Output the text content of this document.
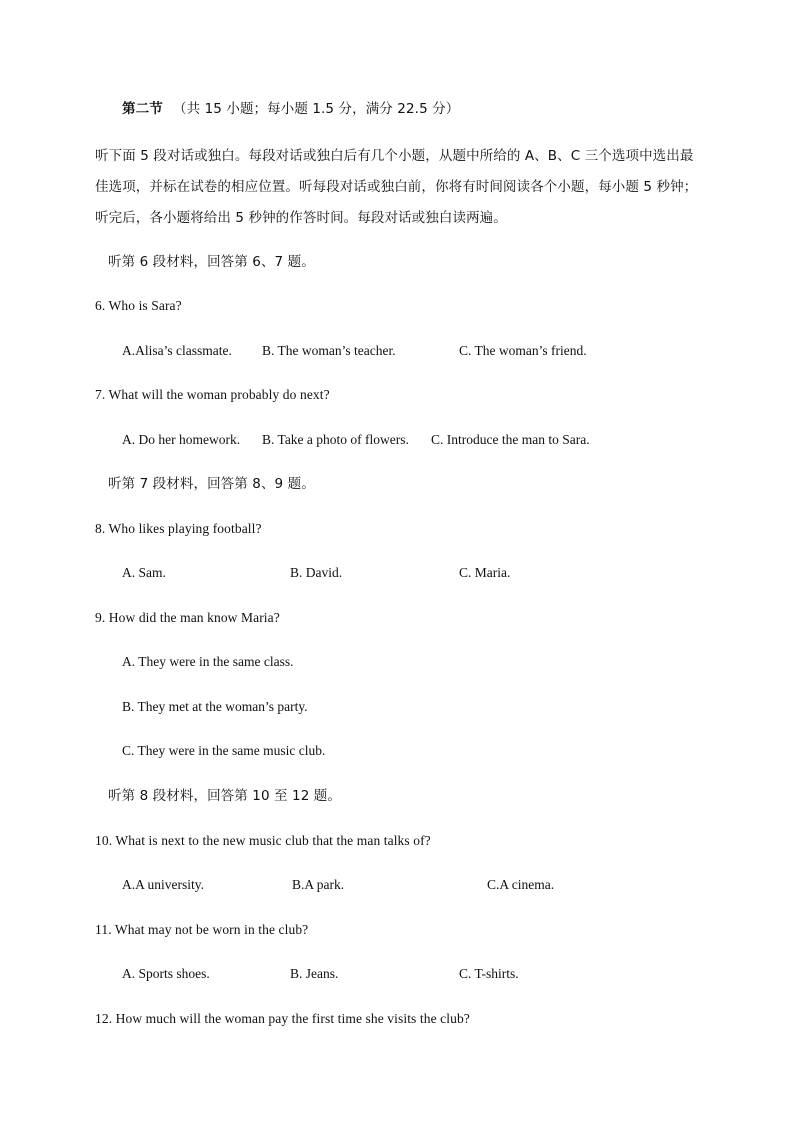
第二节 （共 15 小题；每小题 1.5 分，满分 22.5 分）
听下面 5 段对话或独白。每段对话或独白后有几个小题，从题中所给的 A、B、C 三个选项中选出最
佳选项，并标在试卷的相应位置。听每段对话或独白前，你将有时间阅读各个小题，每小题 5 秒钟；
听完后，各小题将给出 5 秒钟的作答时间。每段对话或独白读两遍。
听第 6 段材料，回答第 6、7 题。
6. Who is Sara?
A.Alisa’s classmate. B. The woman’s teacher.	C. The woman’s friend.
7. What will the woman probably do next?
A. Do her homework. B. Take a photo of flowers. C. Introduce the man to Sara.
听第 7 段材料，回答第 8、9 题。
8. Who likes playing football?
A. Sam.	B. David.	C. Maria.
9. How did the man know Maria?
A. They were in the same class.
B. They met at the woman’s party.
C. They were in the same music club.
听第 8 段材料，回答第 10 至 12 题。
10. What is next to the new music club that the man talks of?
A.A university.	B.A park.	C.A cinema.
11. What may not be worn in the club?
A. Sports shoes.	B. Jeans.	C. T-shirts.
12. How much will the woman pay the first time she visits the club?
